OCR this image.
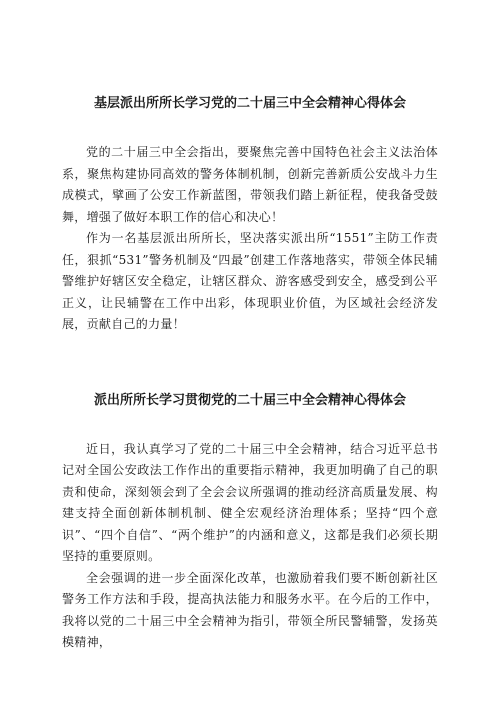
基层派出所所长学习党的二十届三中全会精神心得体会

党的二十届三中全会指出，要聚焦完善中国特色社会主义法治体系，聚焦构建协同高效的警务体制机制，创新完善新质公安战斗力生成模式，擘画了公安工作新蓝图，带领我们踏上新征程，使我备受鼓舞，增强了做好本职工作的信心和决心！

作为一名基层派出所所长，坚决落实派出所“1551”主防工作责任，狠抓“531”警务机制及“四最”创建工作落地落实，带领全体民辅警维护好辖区安全稳定，让辖区群众、游客感受到安全，感受到公平正义，让民辅警在工作中出彩，体现职业价值，为区域社会经济发展，贡献自己的力量！

派出所所长学习贯彻党的二十届三中全会精神心得体会

近日，我认真学习了党的二十届三中全会精神，结合习近平总书记对全国公安政法工作作出的重要指示精神，我更加明确了自己的职责和使命，深刻领会到了全会会议所强调的推动经济高质量发展、构建支持全面创新体制机制、健全宏观经济治理体系；坚持“四个意识”、“四个自信”、“两个维护”的内涵和意义，这都是我们必须长期坚持的重要原则。

全会强调的进一步全面深化改革，也激励着我们要不断创新社区警务工作方法和手段，提高执法能力和服务水平。在今后的工作中，我将以党的二十届三中全会精神为指引，带领全所民警辅警，发扬英模精神，
